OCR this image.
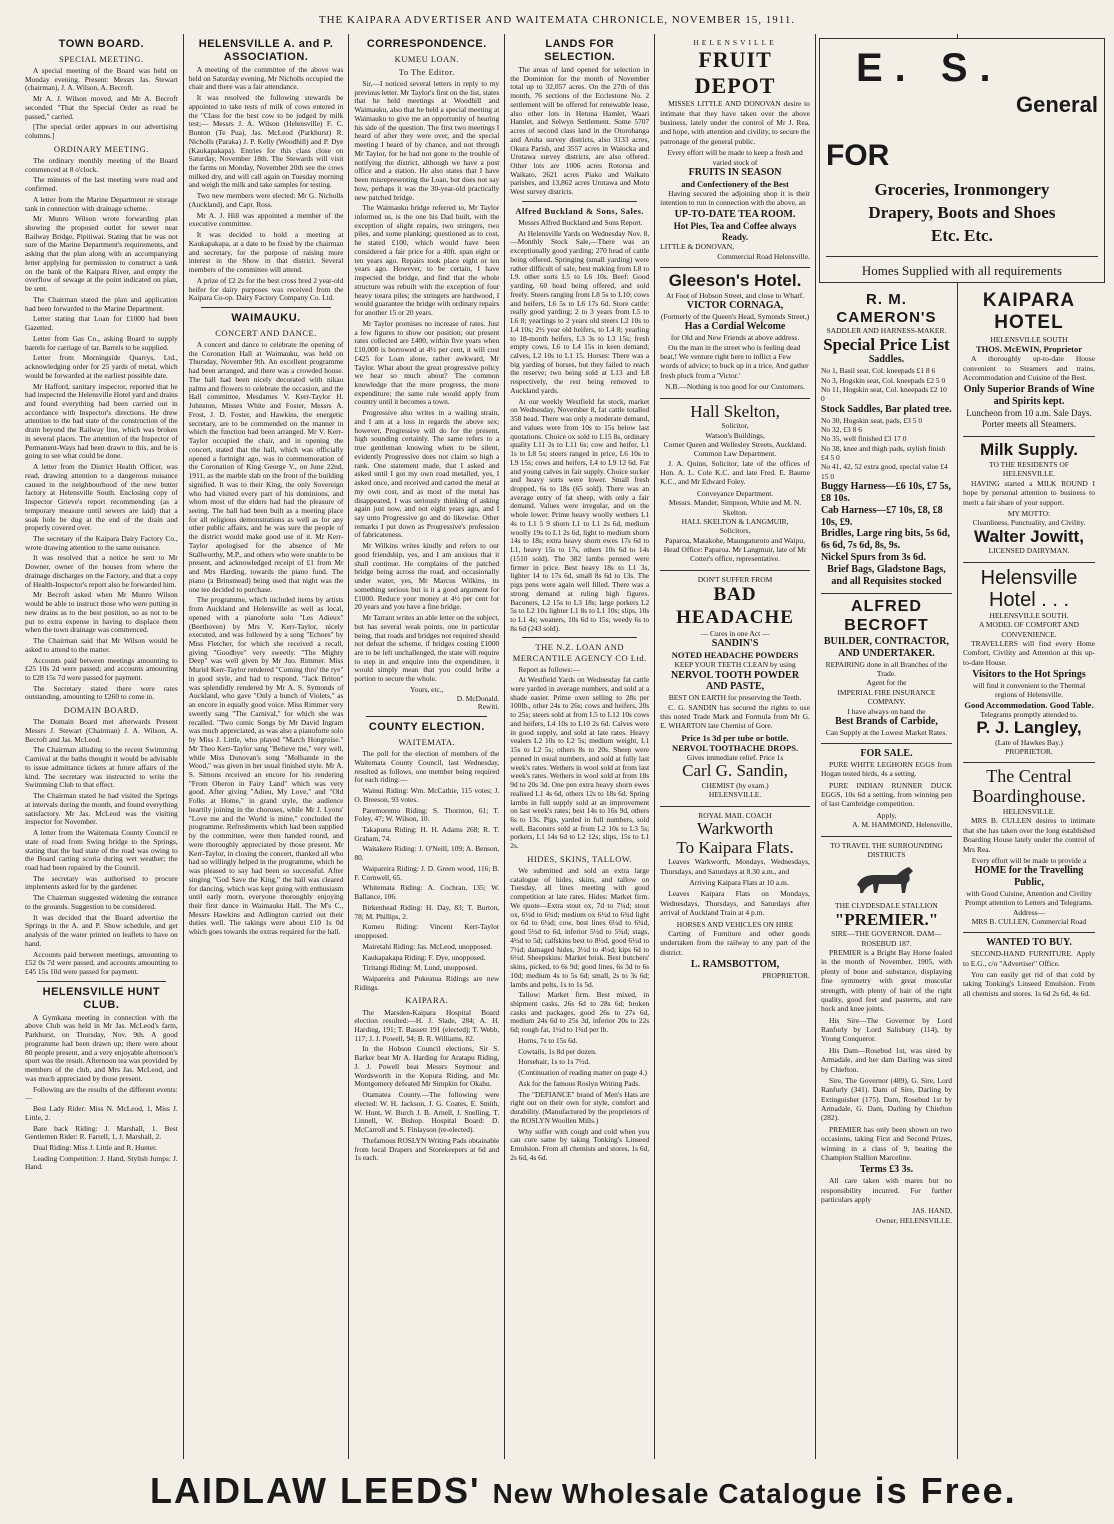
THE KAIPARA ADVERTISER AND WAITEMATA CHRONICLE, NOVEMBER 15, 1911.
TOWN BOARD.
SPECIAL MEETING.

A special meeting of the Board was held on Monday evening. Present: Messrs Jas. Stewart (chairman), J. A. Wilson, A. Becroft.

Mr A. J. Wilson moved, and Mr A. Becroft seconded "That the Special Order as read be passed," carried.

[The special order appears in our advertising columns.]

ORDINARY MEETING.

The ordinary monthly meeting of the Board commenced at 8 o'clock.

The minutes of the last meeting were read and confirmed.

A letter from the Marine Department re storage tank in connection with drainage scheme.

Mr Munro Wilson wrote forwarding plan showing the proposed outlet for sewer near Railway Bridge, Pipitiwai. Stating that he was not sure of the Marine Department's requirements, and asking that the plan along with an accompanying letter applying for permission to construct a tank on the bank of the Kaipara River, and empty the overflow of sewage at the point indicated on plan, be sent.

The Chairman stated the plan and application had been forwarded to the Marine Department.

Letter stating that Loan for £1000 had been Gazetted.

Letter from Gas Co., asking Board to supply barrels for carriage of tar. Barrels to be supplied.

Letter from Morningside Quarrys, Ltd., acknowledging order for 25 yards of metal, which would be forwarded at the earliest possible date.

Mr Hafford, sanitary inspector, reported that he had inspected the Helensville Hotel yard and drains and found everything had been carried out in accordance with Inspector's directions. He drew attention to the bad state of the construction of the drain beyond the Railway line, which was broken in several places. The attention of the Inspector of Permanent-Ways had been drawn to this, and he is going to see what could be done.

A letter from the District Health Officer, was read, drawing attention to a dangerous nuisance caused in the neighbourhood of the new butter factory at Helensville South. Enclosing copy of Inspector Grieve's report recommending (as a temporary measure until sewers are laid) that a soak hole be dug at the end of the drain and properly covered over.

The secretary of the Kaipara Dairy Factory Co., wrote drawing attention to the same nuisance.

It was resolved that a notice be sent to Mr Downer, owner of the houses from where the drainage discharges on the Factory, and that a copy of Health-Inspector's report also be forwarded him.

Mr Becroft asked when Mr Munro Wilson would be able to instruct those who were putting in new drains as to the best position, so as not to be put to extra expense in having to displace them when the town drainage was commenced.

The Chairman said that Mr Wilson would be asked to attend to the matter.

Accounts paid between meetings amounting to £25 10s 2d were passed; and accounts amounting to £28 15s 7d were passed for payment.

The Secretary stated there were rates outstanding, amounting to £260 to come in.

DOMAIN BOARD.

The Domain Board met afterwards Present Messrs J. Stewart (Chairman) J. A. Wilson, A. Becroft and Jas. McLeod.

The Chairman alluding to the recent Swimming Carnival at the baths thought it would be advisable to issue admittance tickets at future affairs of the kind. The secretary was instructed to write the Swimming Club to that effect.

The Chairman stated he had visited the Springs at intervals during the month, and found everything satisfactory. Mr Jas. McLeod was the visiting inspector for November.

A letter from the Waitemata County Council re state of road from Swing bridge to the Springs, stating that the bad state of the road was owing to the Board carting scoria during wet weather; the road had been repaired by the Council.

The secretary was authorised to procure implements asked for by the gardener.

The Chairman suggested widening the entrance to the grounds. Suggestion to be considered.

It was decided that the Board advertise the Springs in the A. and P. Show schedule, and get analysis of the water printed on leaflets to have on hand.

Accounts paid between meetings, amounting to £52 0s 7d were passed, and accounts amounting to £45 15s 10d were passed for payment.

HELENSVILLE HUNT CLUB.

A Gymkana meeting in connection with the above Club was held in Mr Jas. McLeod's farm, Parkhurst, on Thursday, Nov. 9th. A good programme had been drawn up; there were about 80 people present, and a very enjoyable afternoon's sport was the result. Afternoon tea was provided by members of the club, and Mrs Jas. McLeod, and was much appreciated by those present.

Following are the results of the different events:—

Best Lady Rider: Miss N. McLeod, 1, Miss J. Little, 2.

Bare back Riding: J. Marshall, 1. Best Gentlemen Rider: R. Farrell, 1, J. Marshall, 2.

Dual Riding: Miss J. Little and R. Hunter.

Leading Competition: J. Hand, Stylish Jumps: J. Hand.

HELENSVILLE A. and P. ASSOCIATION.

A meeting of the committee of the above was held on Saturday evening, Mr Nicholls occupied the chair and there was a fair attendance.

It was resolved the following stewards be appointed to take tests of milk of cows entered in the "Class for the best cow to be judged by milk test;— Messrs J. A. Wilson (Helensville) F. C. Bunton (Te Pua), Jas. McLeod (Parkhurst) R. Nicholls (Paraka) J. P. Kelly (Woodhill) and P. Dye (Kaukapakapa). Entries for this class close on Saturday, November 18th. The Stewards will visit the farms on Monday, November 20th see the cows milked dry, and will call again on Tuesday morning and weigh the milk and take samples for testing.

Two new members were elected: Mr G. Nicholls (Auckland), and Capt. Ross.

Mr A. J. Hill was appointed a member of the executive committee.

It was decided to hold a meeting at Kaukapakapa, at a date to be fixed by the chairman and secretary, for the purpose of raising more interest in the Show in that district. Several members of the committee will attend.

A prize of £2 2s for the best cross bred 2 year-old heifer for dairy purposes was received from the Kaipara Co-op. Dairy Factory Company Co. Ltd.

WAIMAUKU.
CONCERT AND DANCE.

A concert and dance to celebrate the opening of the Coronation Hall at Waimauku, was held on Thursday, November 9th. An excellent programme had been arranged, and there was a crowded house. The hall had been nicely decorated with nikau palms and flowers to celebrate the occasion, and the Hall committee, Mesdames V. Kerr-Taylor H. Johnston, Misses White and Foster, Messrs A. Frost, J. D. Foster, and Hawkins, the energetic secretary, are to be commended on the manner in which the function had been arranged. Mr V. Kerr-Taylor occupied the chair, and in opening the concert, stated that the hall, which was officially opened a fortnight ago, was in commemoration of the Coronation of King George V., on June 22nd, 1911, as the marble slab on the front of the building signified. It was to their King, the only Sovereign who had visited every part of his dominions, and whom most of the elders had had the pleasure of seeing. The hall had been built as a meeting place for all religious demonstrations as well as for any other public affairs, and he was sure the people of the district would make good use of it. Mr Kerr-Taylor apologised for the absence of Mr Stallworthy, M.P., and others who were unable to be present, and acknowledged receipt of £1 from Mr and Mrs Harding, towards the piano fund. The piano (a Brinsmead) being used that night was the one tee decided to purchase.

The programme, which included items by artists from Auckland and Helensville as well as local, opened with a pianoforte solo "Les Adieux" (Beethoven) by Mrs V. Kerr-Taylor, nicely executed, and was followed by a song "Echoes" by Miss Fletcher, for which she received a recall, giving "Goodbye" very sweetly. "The Mighty Deep" was well given by Mr Jno. Rimmer. Miss Muriel Kerr-Taylor rendered "Coming thro' the rye" in good style, and had to respond. "Jack Briton" was splendidly rendered by Mr A. S. Symonds of Auckland, who gave "Only a bunch of Violets," as an encore in equally good voice. Miss Rimmer very sweetly sang "The Carnival," for which she was recalled. "Two comic Songs by Mr David Ingram was much appreciated, as was also a pianoforte solo by Miss J. Little, who played "March Hongroise." Mr Theo Kerr-Taylor sang "Believe me," very well, while Miss Donovan's song "Mollsande in the Wood," was given in her usual finished style. Mr A. S. Simons received an encore for his rendering "From Oberon in Fairy Land" which was very good. After giving "Adieu, My Love," and "Old Folks at Home," in grand style, the audience heartily joining in the choruses, while Mr J. Lyons' "Love me and the World is mine," concluded the programme. Refreshments which had been supplied by the committee, were then handed round, and were thoroughly appreciated by those present. Mr Kerr-Taylor, in closing the concert, thanked all who had so willingly helped in the programme, which he was pleased to say had been so successful. After singing "God Save the King," the hall was cleared for dancing, which was kept going with enthusiasm until early morn, everyone thoroughly enjoying their first dance in Waimauku Hall. The M's C., Messrs Hawkins and Adlington carried out their duties well. The takings were about £10 1s 0d which goes towards the extras required for the hall.

CORRESPONDENCE.
KUMEU LOAN.
To The Editor.

Sir,—I noticed several letters in reply to my previous letter. Mr Taylor's first on the list, states that he held meetings at Woodhill and Waimauku, also that he held a special meeting at Waimauku to give me an opportunity of hearing his side of the question. The first two meetings I heard of after they were over, and the special meeting I heard of by chance, and not through Mr Taylor, for he had not gone to the trouble of notifying the district, although we have a post office and a station. He also states that I have been misrepresenting the Loan, but does not say how, perhaps it was the 30-year-old practically new patched bridge.

The Waimauku bridge referred to, Mr Taylor informed us, is the one his Dad built, with the exception of slight repairs, two stringers, two piles, and some planking; questioned as to cost, he stated £100, which would have been considered a fair price for a 40ft. span eight or ten years ago. Repairs took place eight or ten years ago. However, to be certain, I have inspected the bridge, and find that the whole structure was rebuilt with the exception of four heavy totara piles; the stringers are hardwood, I would guarantee the bridge with ordinary repairs for another 15 or 20 years.

Mr Taylor promises no increase of rates. Just a few figures to show our position; our present rates collected are £400, within five years when £10,000 is borrowed at 4½ per cent, it will cost £425 for Loan alone, rather awkward, Mr Taylor. What about the great progressive policy we hear so much about? The common knowledge that the more progress, the more expenditure; the same rule would apply from country until it becomes a town.

Progressive also writes in a wailing strain, and I am at a loss in regards the above sex; however, Progressive will do for the present, high sounding certainly. The same refers to a true gentleman knowing when to be silent, evidently Progressive does not claim so high a rank. One statement made, that I asked and asked until I got my own road metalled, yes, I asked once, and received and carted the metal at my own cost, and as most of the metal has disappeared, I was seriously thinking of asking again just now, and not eight years ago, and I say unto Progressive go and do likewise. Other remarks I put down as Progressive's profession of fabricateness.

Mr Wilkins writes kindly and refers to our good friendship, yes, and I am anxious that it shall continue. He complains of the patched bridge being across the road, and occasionally under water, yes, Mr Marcus Wilkins, its something serious but is it a good argument for £1000. Reduce your money at 4½ per cent for 20 years and you have a fine bridge.

Mr Tarrant writes an able letter on the subject, but has several weak points, one in particular being, that roads and bridges not required should not defeat the scheme, if bridges costing £1000 are to be left unchallenged, the state will require to step in and enquire into the expenditure, it would simply mean that you could bribe a portion to secure the whole.

Yours, etc.,
D. McDonald.
Rewiti.
COUNTY ELECTION.
WAITEMATA.

The poll for the election of members of the Waitemata County Council, last Wednesday, resulted as follows, one member being required for each riding:—

Wainui Riding: Wm. McCathie, 115 votes; J. O. Breeson, 93 votes.

Paremoremo Riding: S. Thornton, 61; T. Foley, 47; W. Wilson, 10.

Takapuna Riding: H. H. Adams 268; R. T. Graham, 74.

Waitakere Riding: J. O'Neill, 109; A. Benson, 80.

Waipareira Riding: J. D. Green wood, 116; B. F. Cornwell, 65.

Whitemata Riding: A. Cochran, 135; W. Ballance, 106.

Birkenhead Riding: H. Day, 83; T. Burton, 78; M. Phillips, 2.

Kumeu Riding: Vincent Kerr-Taylor unopposed.

Mairetahi Riding: Jas. McLeod, unopposed.

Kaukapakapa Riding: F. Dye, unopposed.

Tiritangi Riding: M. Lund, unopposed.

Waipareira and Pukeatua Ridings are new Ridings.

KAIPARA.

The Marsden-Kaipara Hospital Board election resulted:—H. J. Slade, 284; A. H. Harding, 191; T. Bassett 191 (elected); T. Webb, 117; J. J. Powell, 94; B. R. Williams, 82.

In the Hobson Council elections, Sir S. Barker beat Mr A. Harding for Aratapu Riding, J. J. Powell beat Messrs Seymour and Wordsworth in the Kopura Riding, and Mr. Montgomery defeated Mr Simpkin for Okahu.

Otamatea County.—The following were elected: W. H. Jackson, J. G. Coates, E. Smith, W. Hunt, W. Burch J. B. Arnell, J. Snelling, T. Linnell, W. Bishop. Hospital Board: D. McCarroll and S. Finlayson (re-elected).

Thefamous ROSLYN Writing Pads obtainable from local Drapers and Storekeepers at 6d and 1s each.

LANDS FOR SELECTION.

The areas of land opened for selection in the Dominion for the month of November total up to 32,057 acres. On the 27th of this month, 76 sections of the Ecclestone No. 2 settlement will be offered for renewable lease, also other lots in Hetuna Hamlet, Waari Hamlet, and Selwyn Settlement. Some 5707 acres of second class land in the Otorohanga and Aroha survey districts, also 3133 acres, Okura Parish, and 3557 acres in Waiocka and Urutawa survey districts, are also offered. Other lots are 1006 acres Rotorua and Waikato, 2621 acres Piako and Waikato parishes, and 13,862 acres Urutawa and Motu West survey districts.

Alfred Buckland & Sons, Sales.

Messrs Alfred Buckland and Sons Report.

At Helensville Yards on Wednesday Nov. 8,—Monthly Stock Sale,—There was an exceptionally good yarding; 270 head of cattle being offered. Springing (small yarding) were rather difficult of sale, best making from L8 to L9. other sorts L5 to L6 10s. Beef: Good yarding, 60 head being offered, and sold freely. Steers ranging from L8 5s to L10; cows and heifers, L6 5s to L6 17s 6d. Store cattle: really good yarding; 2 to 3 years from L5 to L6 8; yearlings to 2 years old steers L2 10s to L4 10s; 2½ year old heifers, to L4 8; yearling to 18-month heifers, L3 3s to L3 15s; fresh empty cows, L6 to L4 15s in keen demand; calves, L2 10s to L1 15. Horses: There was a big yarding of horses, but they failed to reach the reserve; two being sold at L13 and L8 respectively, the rest being removed to Auckland yards.

At our weekly Westfield fat stock, market on Wednesday, November 8, fat cattle totalled 358 head. There was only a moderate demand, and values were from 10s to 15s below last quotations. Choice ox sold to L15 8s, ordinary quality L11 3s to L11 6s; cow and heifer, L1 1s to L8 5s; steers ranged in price, L6 10s to L9 15s; cows and heifers, L4 to L9 12 6d. Fat and young calves in fair supply. Choice sucker and heavy sorts were lower. Small fresh dropped, 6s to 18s (65 sold). There was an average entry of fat sheep, with only a fair demand. Values were irregular, and on the whole lower. Prime heavy woolly wethers L1 4s to L1 5 9 shorn L1 to L1 2s 6d, medium woolly 19s to L1 2s 6d, light to medium shorn 14s to 18s; extra heavy shorn ewes 17s 6d to L1, heavy 15s to 17s, others 10s 6d to 14s (1510 sold). The 382 lambs penned were firmer in price. Best heavy 18s to L1 3s, lighter 14 to 17s 6d, small 8s 6d to 13s. The pigs pens were again well filled. There was a strong demand at ruling high figures. Baconers, L2 15s to L3 18s; large porkers L2 5s to L2 10s lighter L1 8s to L1 10s; slips, 10s to L1 4s; weaners, 10s 6d to 15s; weedy 6s to 8s 6d (243 sold).

THE N.Z. LOAN AND MERCANTILE AGENCY CO Ltd.

Report as follows:—

At Westfield Yards on Wednesday fat cattle were yarded in average numbers, and sold at a shade easier. Prime oxen selling to 28s per 100lb., other 24s to 26s; cows and heifers, 20s to 25s; steers sold at from L5 to L12 10s cows and heifers, L4 10s to L10 2s 6d. Calves were in good supply, and sold at late rates. Heavy vealers L2 10s to L2 5s; medium weight, L1 15s to L2 5s; others 8s to 20s. Sheep were penned in usual numbers, and sold at fully last week's rates. Wethers in wool sold at from last week's rates. Wethers in wool sold at from 18s 9d to 20s 3d. One pen extra heavy shorn ewes realised L1 4s 6d, others 12s to 18s 6d. Spring lambs in full supply sold at an improvement on last week's rates; best 14s to 16s 9d, others 6s to 13s. Pigs, yarded in full numbers, sold well. Baconers sold at from L2 10s to L3 5s; porkers, L1 14s 6d to L2 12s; slips, 15s to L1 2s.

HIDES, SKINS, TALLOW.

We submitted and sold an extra large catalogue of hides, skins, and tallow on Tuesday, all lines meeting with good competition at late rates. Hides: Market firm. We quote—Extra stout ox, 7d to 7¼d; stout ox, 6½d to 6¾d; medium ox 6½d to 6¾d light ox 6d to 6¼d; cow, best lines 6¼d to 6¾d, good 5½d to 6d, inferior 5½d to 5¾d; stags, 4½d to 5d; calfskins best to 8½d, good 6½d to 7¼d; damaged hides, 3½d to 4¼d; kips 6d to 6½d. Sheepskins: Market brisk. Best butchers' skins, picked, to 6s 9d; good lines, 6s 3d to 6s 10d; medium 4s to 5s 6d; small, 2s to 3s 6d; lambs and pelts, 1s to 1s 5d.

Tallow: Market firm. Best mixed, in shipment casks, 26s 6d to 28s 6d; broken casks and packages, good 26s to 27s 6d, medium 24s 6d to 25s 3d, inferior 20s to 22s 6d; rough fat, 1½d to 1¾d per lb.

Horns, 7s to 15s 6d.

Cowtails, 1s 8d per dozen.

Horsehair, 1s to 1s 7½d.

(Continuation of reading matter on page 4.)

Ask for the famous Roslyn Writing Pads.

The "DEFIANCE" brand of Men's Hats are right out on their own for style, comfort and durability. (Manufactured by the proprietors of the ROSLYN Woollen Mills.)

Why suffer with cough and cold when you can cure same by taking Tonking's Linseed Emulsion. From all chemists and stores, 1s 6d, 2s 6d, 4s 6d.

HELENSVILLE
FRUIT DEPOT

MISSES LITTLE AND DONOVAN desire to intimate that they have taken over the above business, lately under the control of Mr J. Rea, and hope, with attention and civility, to secure the patronage of the general public.

Every effort will be made to keep a fresh and varied stock of
FRUITS IN SEASON
and Confectionery of the Best

Having secured the adjoining shop it is their intention to run in connection with the above, an

UP-TO-DATE TEA ROOM.
Hot Pies, Tea and Coffee always Ready.
LITTLE & DONOVAN,
Commercial Road Helensville.
Gleeson's Hotel.
At Foot of Hobson Street, and close to Wharf.
VICTOR CORNAGA,
(Formerly of the Queen's Head, Symonds Street,)
Has a Cordial Welcome
for Old and New Friends at above address.

On the man in the street who is feeling dead beat,! We venture right here to inflict a Few words of advice; to buck up in a trice, And gather fresh pluck from a 'Victor.'

N.B.—Nothing is too good for our Customers.
Hall Skelton,
Solicitor,
Watson's Buildings,
Corner Queen and Wellesley Streets, Auckland.
Common Law Department.

J. A. Quinn, Solicitor, late of the offices of Hon. A. L. Cole K.C. and late Fred. E. Baume K.C., and Mr Edward Foley.

Conveyance Department.
Messrs. Mander, Simpson, White and M. N. Skelton.
HALL SKELTON & LANGMUIR,
Solicitors,
Paparoa, Matakohe, Maungaturoto and Waipu,
Head Office: Paparoa. Mr Langmuir, late of Mr Cotter's office, representative.
DON'T SUFFER FROM
BAD HEADACHE
— Cures in one Act —
SANDIN'S
NOTED HEADACHE POWDERS
KEEP YOUR TEETH CLEAN by using
NERVOL TOOTH POWDER AND PASTE,
BEST ON EARTH for preserving the Teeth.

C. G. SANDIN has secured the rights to use this noted Trade Mark and Formula from Mr G. E. WHARTON late Chemist of Gore.

Price 1s 3d per tube or bottle.
NERVOL TOOTHACHE DROPS.
Gives immediate relief. Price 1s
Carl G. Sandin,
CHEMIST (by exam.)
HELENSVILLE.
ROYAL MAIL COACH
Warkworth
To Kaipara Flats.

Leaves Warkworth, Mondays, Wednesdays, Thursdays, and Saturdays at 8.30 a.m., and

Arriving Kaipara Flats at 10 a.m.

Leaves Kaipara Flats on Mondays, Wednesdays, Thursdays, and Saturdays after arrival of Auckland Train at 4 p.m.

HORSES AND VEHICLES ON HIRE

Carting of Furniture and other goods undertaken from the railway to any part of the district.

L. RAMSBOTTOM,
PROPRIETOR.
E. S.
General
FOR
Groceries, Ironmongery
Drapery, Boots and Shoes
Etc. Etc.
Homes Supplied with all requirements
R. M. CAMERON'S
SADDLER AND HARNESS-MAKER.
Special Price List
Saddles.
No 1, Basil seat, Col. kneepads £1 8 6
No 3, Hogskin seat, Col. kneepads £2 5 0
No 11, Hogskin seat, Col. kneepads £2 10 0
Stock Saddles, Bar plated tree.
No 30, Hogskin seat, pads, £3 5 0
No 32, £3 8 6
No 35, well finished £3 17 0
No 38, knee and thigh pads, stylish finish £4 5 0
No 41, 42, 52 extra good, special value £4 15 0
Buggy Harness—£6 10s, £7 5s, £8 10s.
Cab Harness—£7 10s, £8, £8 10s, £9.
Bridles, Large ring bits, 5s 6d, 6s 6d, 7s 6d, 8s, 9s.
Nickel Spurs from 3s 6d.
Brief Bags, Gladstone Bags, and all Requisites stocked
ALFRED BECROFT
BUILDER, CONTRACTOR, AND UNDERTAKER.
REPAIRING done in all Branches of the Trade.
Agent for the
IMPERIAL FIRE INSURANCE COMPANY.
I have always on hand the
Best Brands of Carbide,
Can Supply at the Lowest Market Rates.
FOR SALE.

PURE WHITE LEGHORN EGGS from Hogan tested birds, 4s a setting.

PURE INDIAN RUNNER DUCK EGGS, 10s 6d a setting, from winning pen of last Cambridge competition.

Apply,
A. M. HAMMOND, Helensville,
TO TRAVEL THE SURROUNDING DISTRICTS
THE CLYDESDALE STALLION
"PREMIER."
SIRE—THE GOVERNOR. DAM—ROSEBUD 187.

PREMIER is a Bright Bay Horse foaled in the month of November, 1905, with plenty of bone and substance, displaying fine symmetry with great muscular strength, with plenty of hair of the right quality, good feet and pasterns, and rare hock and knee joints.

His Sire—The Governor by Lord Ranfurly by Lord Salisbury (114), by Young Conqueror.

His Dam—Rosebud 1st, was sired by Armadale, and her dam Darling was sired by Chiefton.

Sire, The Governor (489), G. Sire, Lord Ranfurly (341). Dam of Sire, Darling by Extinguisher (175). Dam, Rosebud 1st by Armadale, G. Dam, Darling by Chiefton (282).

PREMIER has only been shown on two occasions, taking First and Second Prizes, winning in a class of 9, beating the Champion Stallion Marceline.

Terms £3 3s.

All care taken with mares but no responsibility incurred. For further particulars apply

JAS. HAND,
Owner, HELENSVILLE.
KAIPARA HOTEL
HELENSVILLE SOUTH
THOS. McEWIN, Proprietor

A thoroughly up-to-date House convenient to Steamers and trains, Accommodation and Cuisine of the Best.

Only Superior Brands of Wine and Spirits kept.
Luncheon from 10 a.m. Sale Days.
Porter meets all Steamers.
Milk Supply.
TO THE RESIDENTS OF HELENSVILLE.

HAVING started a MILK ROUND I hope by personal attention to business to merit a fair share of your support.

MY MOTTO:
Cleanliness, Punctuality, and Civility.
Walter Jowitt,
LICENSED DAIRYMAN.
Helensville
Hotel . . .
HELENSVILLE SOUTH.
A MODEL OF COMFORT AND CONVENIENCE.

TRAVELLERS will find every Home Comfort, Civility and Attention at this up-to-date House.

Visitors to the Hot Springs
will find it convenient to the Thermal regions of Helensville.
Good Accommodation. Good Table.
Telegrams promptly attended to.
P. J. Langley,
(Late of Hawkes Bay.)
PROPRIETOR.
The Central
Boardinghouse.
HELENSVILLE.

MRS B. CULLEN desires to intimate that she has taken over the long established Boarding House lately under the control of Mrs Rea.

Every effort will be made to provide a
HOME for the Travelling Public,
with Good Cuisine, Attention and Civility
Prompt attention to Letters and Telegrams.
Address—
MRS B. CULLEN, Commercial Road
WANTED TO BUY.

SECOND-HAND FURNITURE. Apply to E.G., c/o "Advertiser" Office.

You can easily get rid of that cold by taking Tonking's Linseed Emulsion. From all chemists and stores. 1s 6d 2s 6d, 4s 6d.

LAIDLAW LEEDS' New Wholesale Catalogue is Free.
